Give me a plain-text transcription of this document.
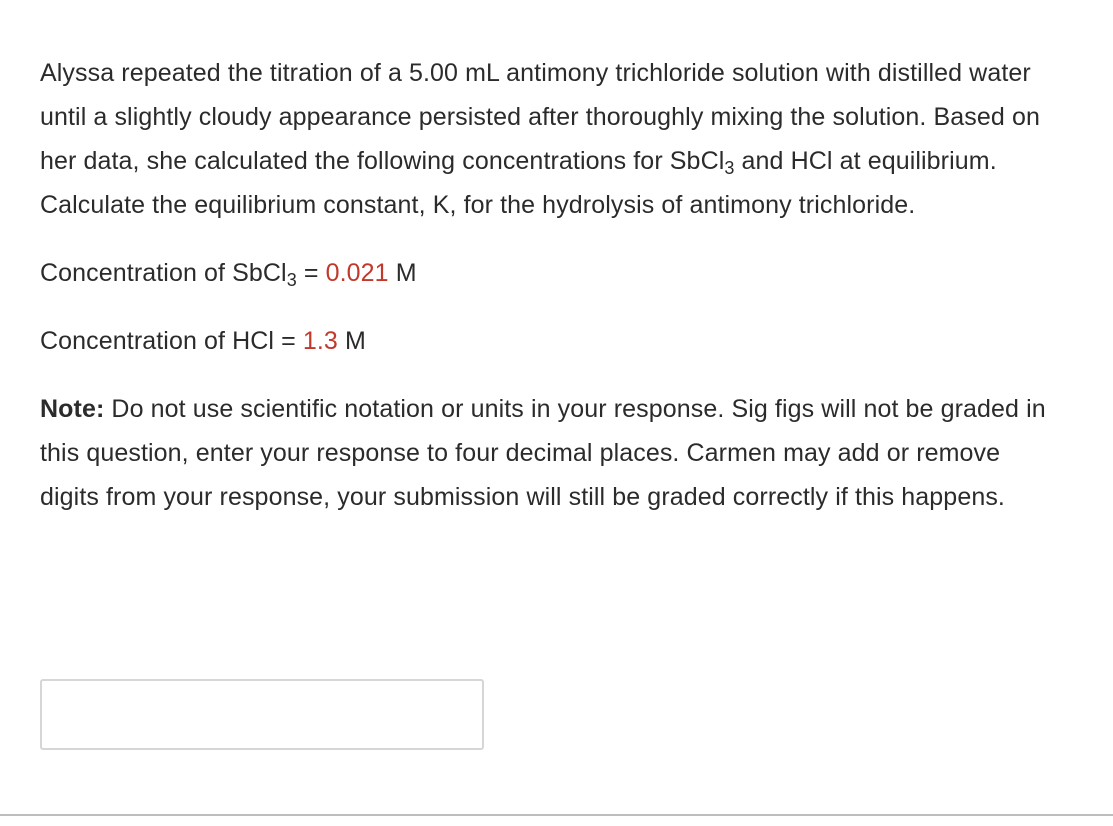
Alyssa repeated the titration of a 5.00 mL antimony trichloride solution with distilled water until a slightly cloudy appearance persisted after thoroughly mixing the solution. Based on her data, she calculated the following concentrations for SbCl$_3$ and HCl at equilibrium. Calculate the equilibrium constant, K, for the hydrolysis of antimony trichloride.

Concentration of SbCl$_3$ = 0.021 M

Concentration of HCl = 1.3 M

Note: Do not use scientific notation or units in your response. Sig figs will not be graded in this question, enter your response to four decimal places. Carmen may add or remove digits from your response, your submission will still be graded correctly if this happens.
